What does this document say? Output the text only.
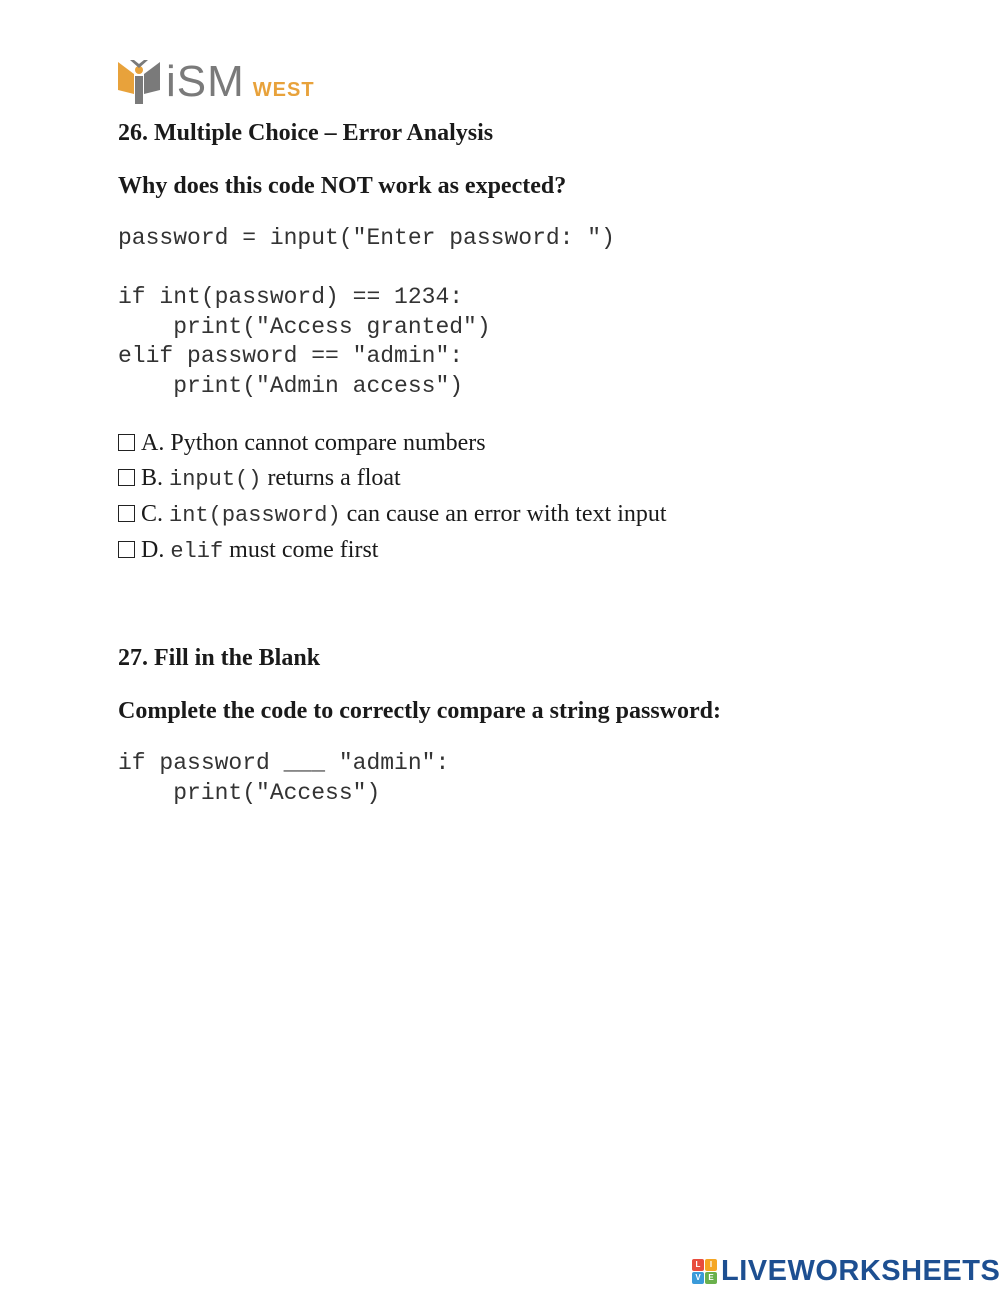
iSM WEST
26. Multiple Choice – Error Analysis
Why does this code NOT work as expected?
password = input("Enter password: ")

if int(password) == 1234:
print("Access granted")
elif password == "admin":
print("Admin access")
A.
Python cannot compare numbers
B. input() returns a float
C. int(password) can cause an error with text input
D. elif must come first
27. Fill in the Blank
Complete the code to correctly compare a string password:
if password ___ "admin":
print("Access")
L	I
V E LIVEWORKSHEETS
